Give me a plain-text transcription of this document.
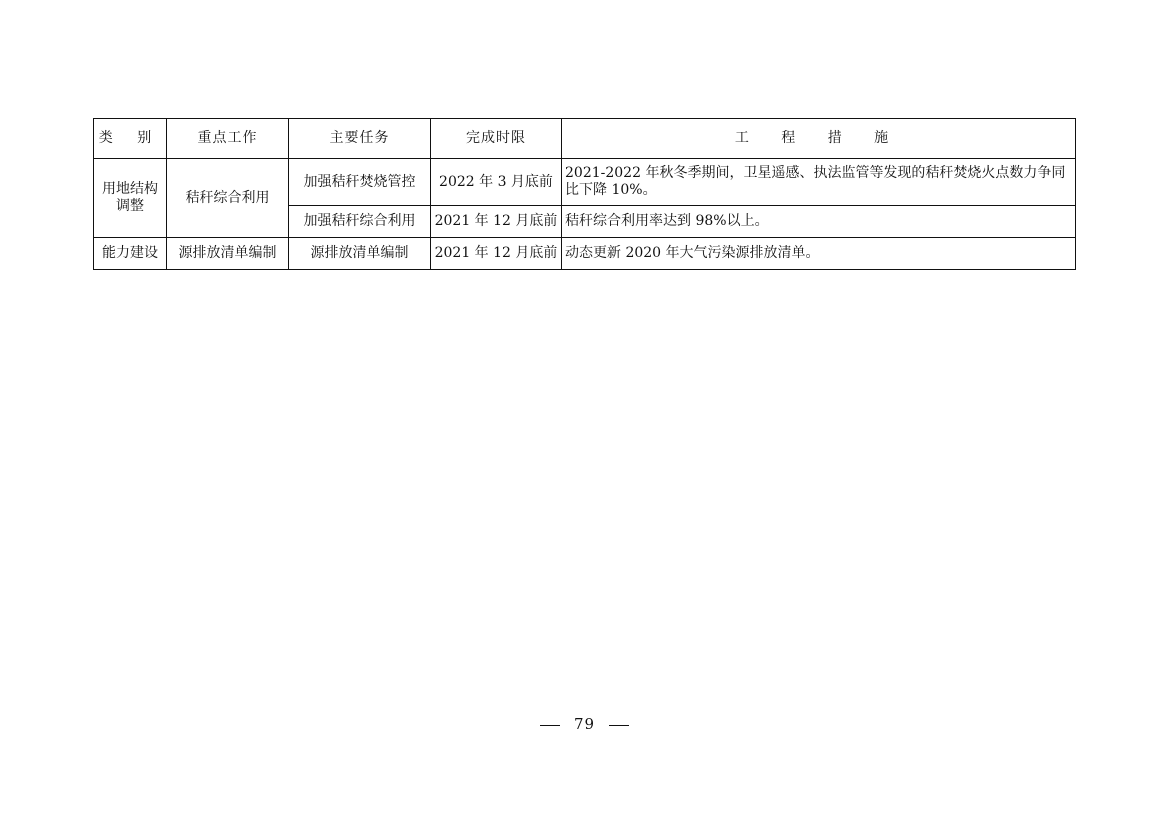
类 别	重点工作	主要任务	完成时限	工 程 措 施
用地结构调整	秸秆综合利用	加强秸秆焚烧管控	2022 年 3 月底前	2021-2022 年秋冬季期间，卫星遥感、执法监管等发现的秸秆焚烧火点数力争同比下降 10%。
		加强秸秆综合利用	2021 年 12 月底前	秸秆综合利用率达到 98%以上。
能力建设	源排放清单编制	源排放清单编制	2021 年 12 月底前	动态更新 2020 年大气污染源排放清单。
79
